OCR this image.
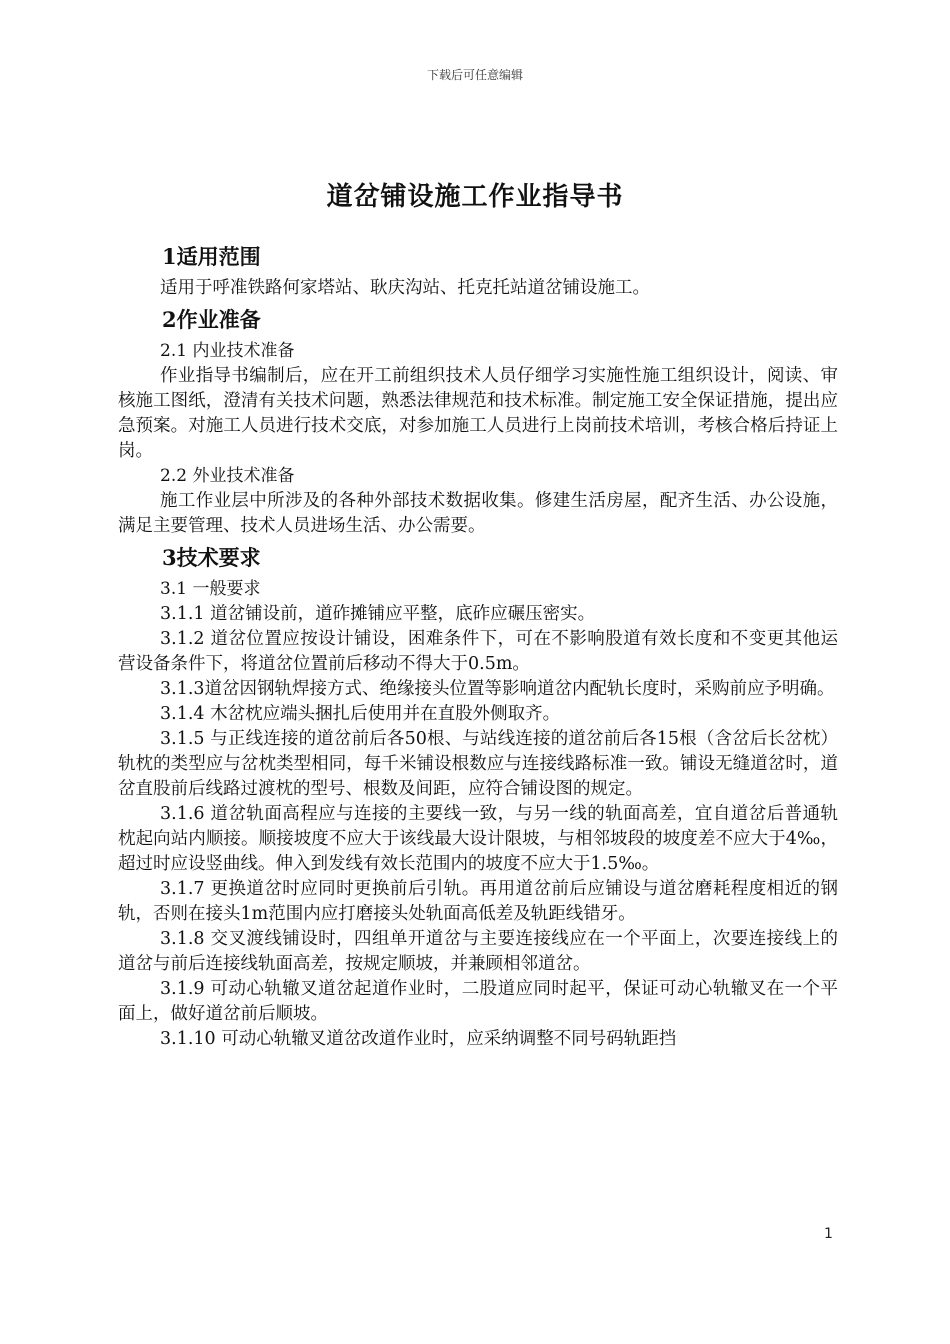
下载后可任意编辑
道岔铺设施工作业指导书
1适用范围

适用于呼准铁路何家塔站、耿庆沟站、托克托站道岔铺设施工。

2作业准备

2.1 内业技术准备

作业指导书编制后，应在开工前组织技术人员仔细学习实施性施工组织设计，阅读、审核施工图纸，澄清有关技术问题，熟悉法律规范和技术标准。制定施工安全保证措施，提出应急预案。对施工人员进行技术交底，对参加施工人员进行上岗前技术培训，考核合格后持证上岗。

2.2 外业技术准备

施工作业层中所涉及的各种外部技术数据收集。修建生活房屋，配齐生活、办公设施，满足主要管理、技术人员进场生活、办公需要。

3技术要求

3.1 一般要求

3.1.1 道岔铺设前，道砟摊铺应平整，底砟应碾压密实。

3.1.2 道岔位置应按设计铺设，困难条件下，可在不影响股道有效长度和不变更其他运营设备条件下，将道岔位置前后移动不得大于0.5m。

3.1.3道岔因钢轨焊接方式、绝缘接头位置等影响道岔内配轨长度时，采购前应予明确。

3.1.4 木岔枕应端头捆扎后使用并在直股外侧取齐。

3.1.5 与正线连接的道岔前后各50根、与站线连接的道岔前后各15根（含岔后长岔枕）轨枕的类型应与岔枕类型相同，每千米铺设根数应与连接线路标准一致。铺设无缝道岔时，道岔直股前后线路过渡枕的型号、根数及间距，应符合铺设图的规定。

3.1.6 道岔轨面高程应与连接的主要线一致，与另一线的轨面高差，宜自道岔后普通轨枕起向站内顺接。顺接坡度不应大于该线最大设计限坡，与相邻坡段的坡度差不应大于4‰，超过时应设竖曲线。伸入到发线有效长范围内的坡度不应大于1.5‰。

3.1.7 更换道岔时应同时更换前后引轨。再用道岔前后应铺设与道岔磨耗程度相近的钢轨，否则在接头1m范围内应打磨接头处轨面高低差及轨距线错牙。

3.1.8 交叉渡线铺设时，四组单开道岔与主要连接线应在一个平面上，次要连接线上的道岔与前后连接线轨面高差，按规定顺坡，并兼顾相邻道岔。

3.1.9 可动心轨辙叉道岔起道作业时，二股道应同时起平，保证可动心轨辙叉在一个平面上，做好道岔前后顺坡。

3.1.10 可动心轨辙叉道岔改道作业时，应采纳调整不同号码轨距挡

1
